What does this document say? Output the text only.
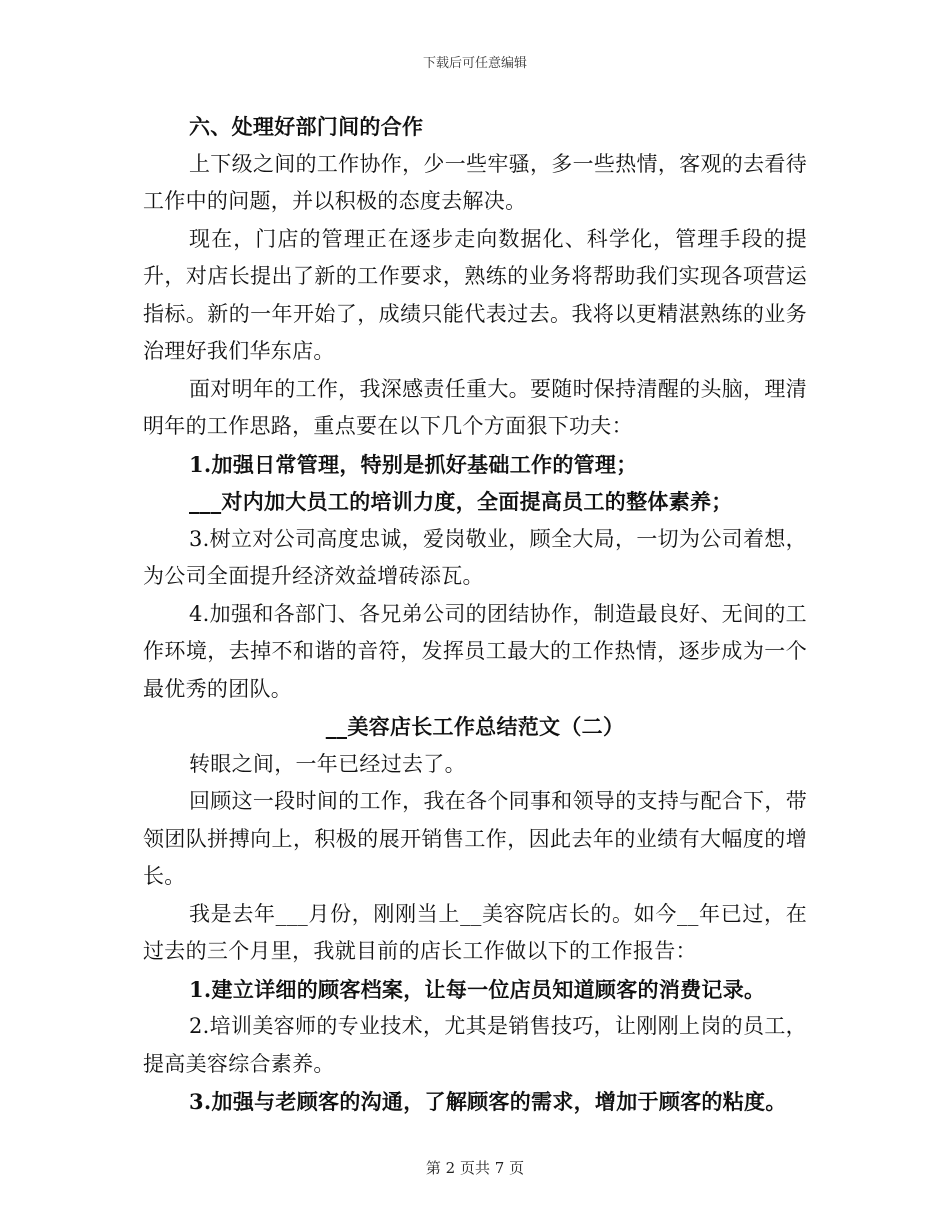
下载后可任意编辑

六、处理好部门间的合作

上下级之间的工作协作，少一些牢骚，多一些热情，客观的去看待工作中的问题，并以积极的态度去解决。

现在，门店的管理正在逐步走向数据化、科学化，管理手段的提升，对店长提出了新的工作要求，熟练的业务将帮助我们实现各项营运指标。新的一年开始了，成绩只能代表过去。我将以更精湛熟练的业务治理好我们华东店。

面对明年的工作，我深感责任重大。要随时保持清醒的头脑，理清明年的工作思路，重点要在以下几个方面狠下功夫：

1.加强日常管理，特别是抓好基础工作的管理；

___对内加大员工的培训力度，全面提高员工的整体素养；

3.树立对公司高度忠诚，爱岗敬业，顾全大局，一切为公司着想，为公司全面提升经济效益增砖添瓦。

4.加强和各部门、各兄弟公司的团结协作，制造最良好、无间的工作环境，去掉不和谐的音符，发挥员工最大的工作热情，逐步成为一个最优秀的团队。

__美容店长工作总结范文（二）

转眼之间，一年已经过去了。

回顾这一段时间的工作，我在各个同事和领导的支持与配合下，带领团队拼搏向上，积极的展开销售工作，因此去年的业绩有大幅度的增长。

我是去年___月份，刚刚当上__美容院店长的。如今__年已过，在过去的三个月里，我就目前的店长工作做以下的工作报告：

1.建立详细的顾客档案，让每一位店员知道顾客的消费记录。

2.培训美容师的专业技术，尤其是销售技巧，让刚刚上岗的员工，提高美容综合素养。

3.加强与老顾客的沟通，了解顾客的需求，增加于顾客的粘度。

第 2 页共 7 页
